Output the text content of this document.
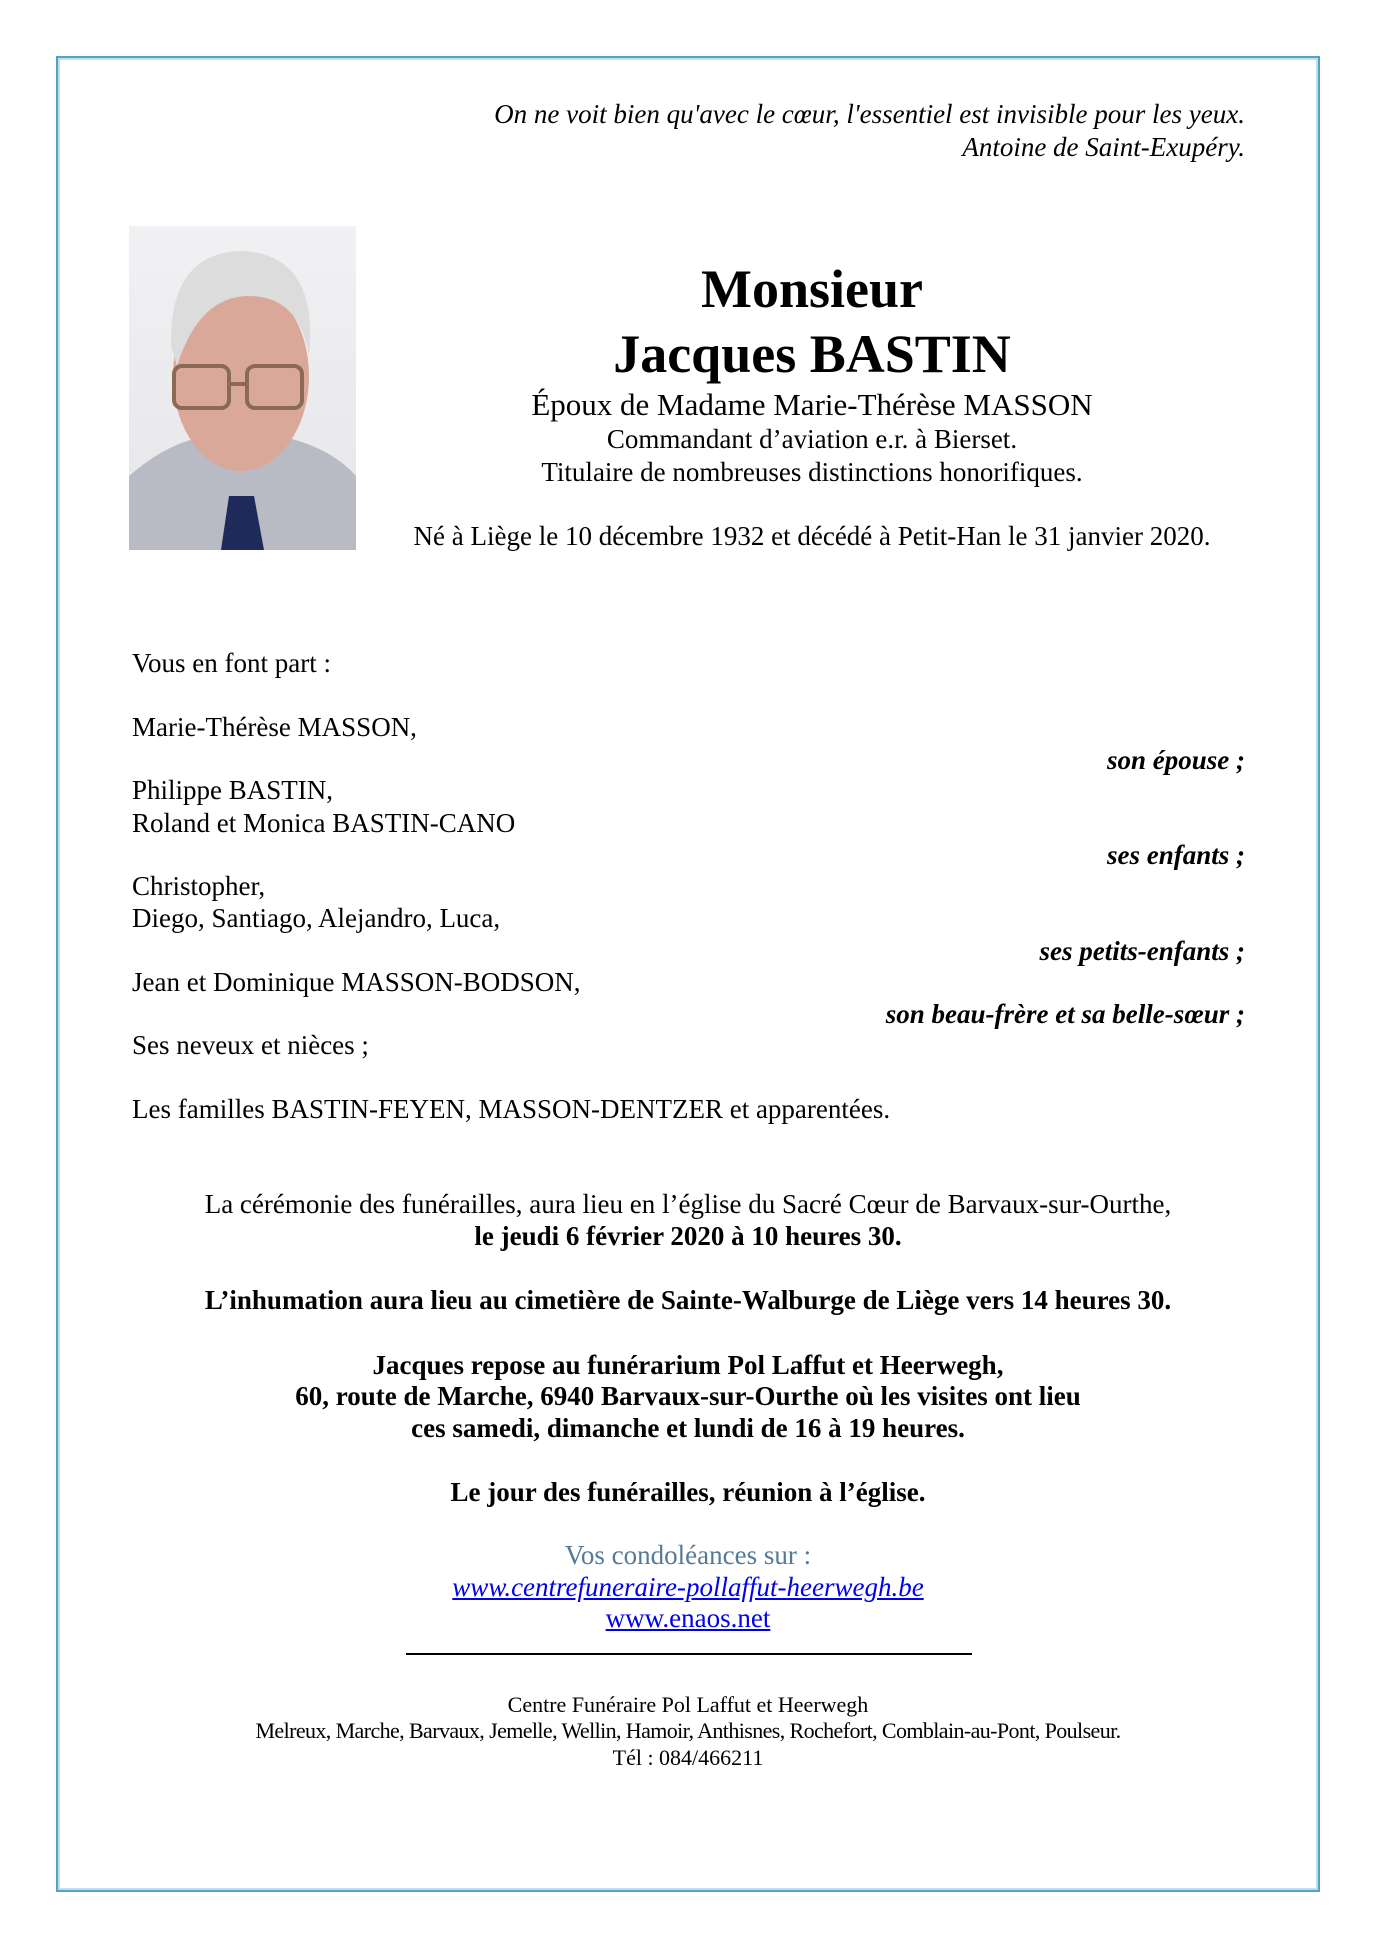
On ne voit bien qu'avec le cœur, l'essentiel est invisible pour les yeux.
Antoine de Saint-Exupéry.
Monsieur
Jacques BASTIN
Époux de Madame Marie-Thérèse MASSON
Commandant d’aviation e.r. à Bierset.
Titulaire de nombreuses distinctions honorifiques.
Né à Liège le 10 décembre 1932 et décédé à Petit-Han le 31 janvier 2020.
Vous en font part :
Marie-Thérèse MASSON,
son épouse ;
Philippe BASTIN,
Roland et Monica BASTIN-CANO
ses enfants ;
Christopher,
Diego, Santiago, Alejandro, Luca,
ses petits-enfants ;
Jean et Dominique MASSON-BODSON,
son beau-frère et sa belle-sœur ;
Ses neveux et nièces ;
Les familles BASTIN-FEYEN, MASSON-DENTZER et apparentées.
La cérémonie des funérailles, aura lieu en l’église du Sacré Cœur de Barvaux-sur-Ourthe,
le jeudi 6 février 2020 à 10 heures 30.
L’inhumation aura lieu au cimetière de Sainte-Walburge de Liège vers 14 heures 30.
Jacques repose au funérarium Pol Laffut et Heerwegh,
60, route de Marche, 6940 Barvaux-sur-Ourthe où les visites ont lieu
ces samedi, dimanche et lundi de 16 à 19 heures.
Le jour des funérailles, réunion à l’église.
Vos condoléances sur :
www.centrefuneraire-pollaffut-heerwegh.be
www.enaos.net
Centre Funéraire Pol Laffut et Heerwegh
Melreux, Marche, Barvaux, Jemelle, Wellin, Hamoir, Anthisnes, Rochefort, Comblain-au-Pont, Poulseur.
Tél : 084/466211
